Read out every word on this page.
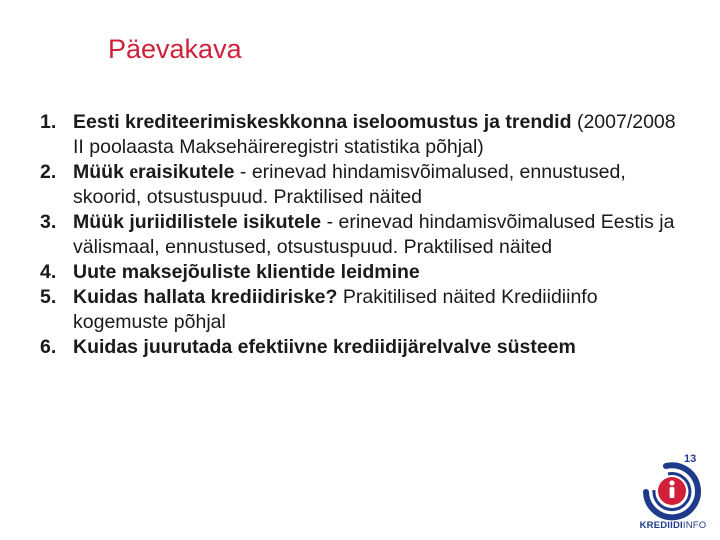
Päevakava
1. Eesti krediteerimiskeskkonna iseloomustus ja trendid (2007/2008 II poolaasta Maksehäireregistri statistika põhjal)
2. Müük eraisikutele - erinevad hindamisvõimalused, ennustused, skoorid, otsustuspuud. Praktilised näited
3. Müük juriidilistele isikutele - erinevad hindamisvõimalused Eestis ja välismaal, ennustused, otsustuspuud. Praktilised näited
4. Uute maksejõuliste klientide leidmine
5. Kuidas hallata krediidiriske? Prakitilised näited Krediidiinfo kogemuste põhjal
6. Kuidas juurutada efektiivne krediidijärelvalve süsteem
13
KREDIIDIINFO
